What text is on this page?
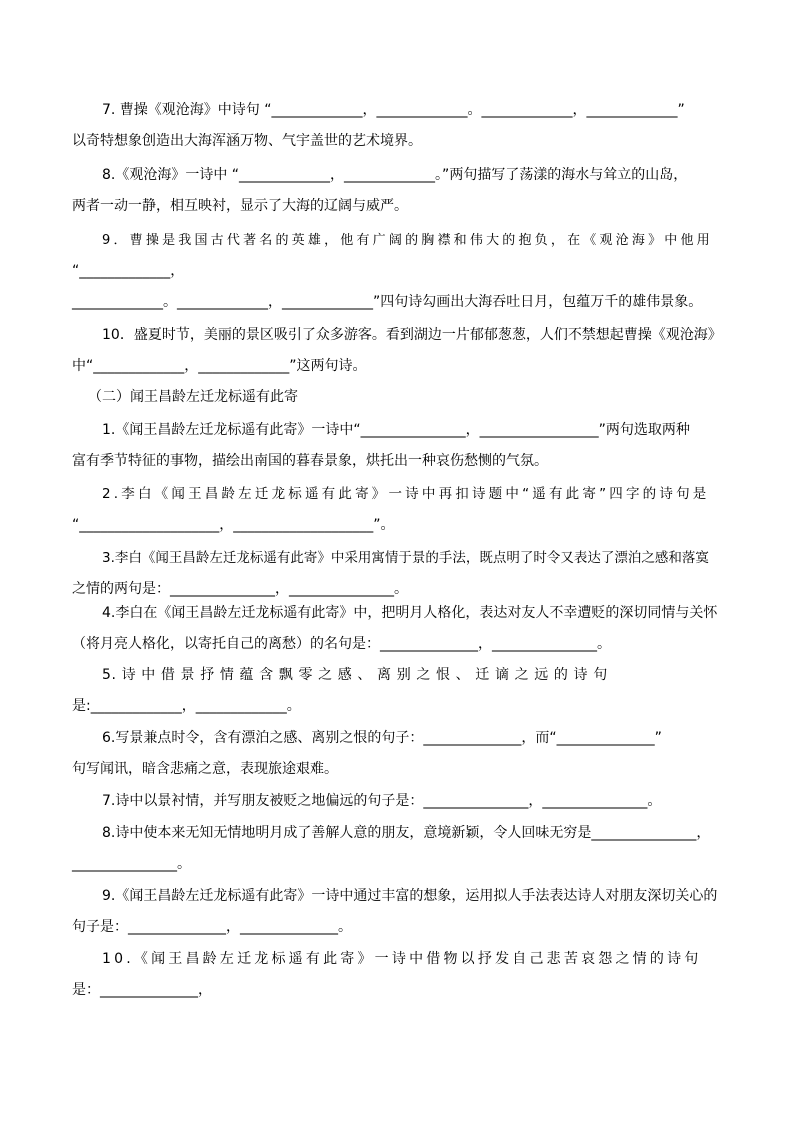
7. 曹操《观沧海》中诗句 “_____________，_____________。_____________，_____________”
以奇特想象创造出大海浑涵万物、气宇盖世的艺术境界。
8.《观沧海》一诗中 “_____________，_____________。”两句描写了荡漾的海水与耸立的山岛，
两者一动一静，相互映衬，显示了大海的辽阔与威严。
9．曹操是我国古代著名的英雄，他有广阔的胸襟和伟大的抱负，在《观沧海》中他用
“_____________，
_____________。_____________，_____________”四句诗勾画出大海吞吐日月，包蕴万千的雄伟景象。
10．盛夏时节，美丽的景区吸引了众多游客。看到湖边一片郁郁葱葱，人们不禁想起曹操《观沧海》
中“_____________，_____________”这两句诗。
（二）闻王昌龄左迁龙标遥有此寄
1.《闻王昌龄左迁龙标遥有此寄》一诗中“_______________，_________________”两句选取两种
富有季节特征的事物，描绘出南国的暮春景象，烘托出一种哀伤愁恻的气氛。
2.李白《闻王昌龄左迁龙标遥有此寄》一诗中再扣诗题中“遥有此寄”四字的诗句是
“____________________，____________________”。
3.李白《闻王昌龄左迁龙标遥有此寄》中采用寓情于景的手法，既点明了时令又表达了漂泊之感和落寞
之情的两句是：_______________，_______________。
4.李白在《闻王昌龄左迁龙标遥有此寄》中，把明月人格化，表达对友人不幸遭贬的深切同情与关怀
（将月亮人格化，以寄托自己的离愁）的名句是：______________，_______________。
5. 诗 中 借 景 抒 情 蕴 含 飘 零 之 感 、 离 别 之 恨 、 迁 谪 之 远 的 诗 句
是:_____________，_____________。
6.写景兼点时令，含有漂泊之感、离别之恨的句子：______________，而“______________”
句写闻讯，暗含悲痛之意，表现旅途艰难。
7.诗中以景衬情，并写朋友被贬之地偏远的句子是：_______________，_______________。
8.诗中使本来无知无情地明月成了善解人意的朋友，意境新颖，令人回味无穷是_______________，
_______________。
9.《闻王昌龄左迁龙标遥有此寄》一诗中通过丰富的想象，运用拟人手法表达诗人对朋友深切关心的
句子是：______________，______________。
10.《闻王昌龄左迁龙标遥有此寄》一诗中借物以抒发自己悲苦哀怨之情的诗句
是：______________，
